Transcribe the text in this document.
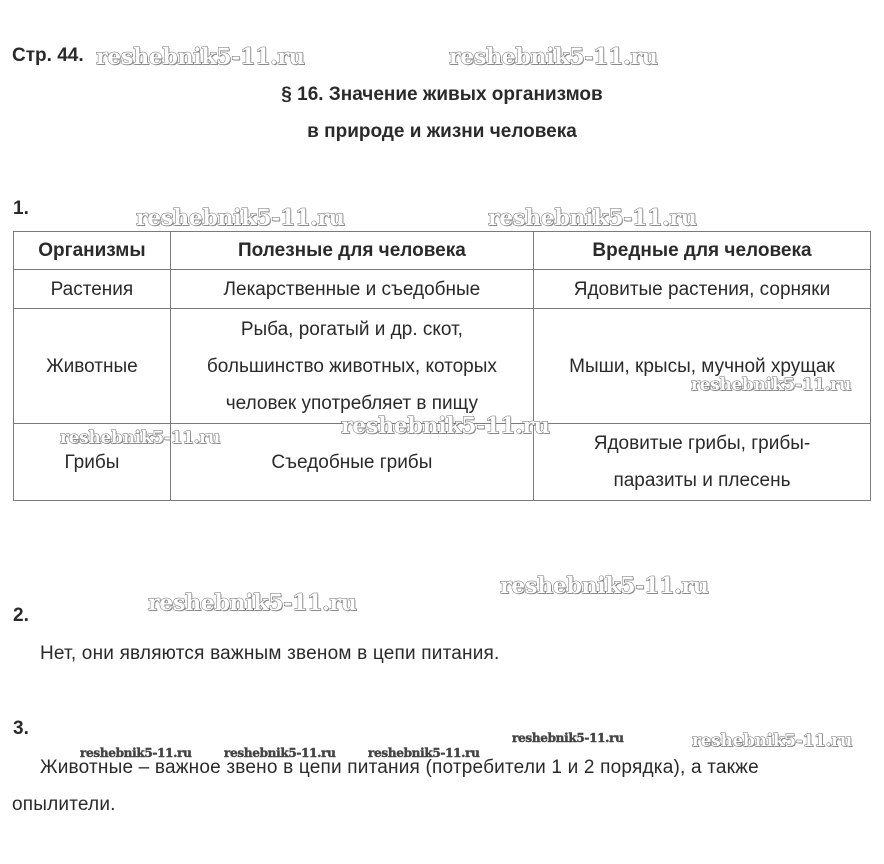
Стр. 44.
§ 16. Значение живых организмов
в природе и жизни человека
1.
Организмы	Полезные для человека	Вредные для человека
Растения	Лекарственные и съедобные	Ядовитые растения, сорняки
Животные	Рыба, рогатый и др. скот,
большинство животных, которых
человек употребляет в пищу	Мыши, крысы, мучной хрущак
Грибы	Съедобные грибы	Ядовитые грибы, грибы-
паразиты и плесень
2.
Нет, они являются важным звеном в цепи питания.
3.
Животные – важное звено в цепи питания (потребители 1 и 2 порядка), а также
опылители.
reshebnik5-11.ru	reshebnik5-11.ru
reshebnik5-11.ru	reshebnik5-11.ru
reshebnik5-11.ru
reshebnik5-11.ru
reshebnik5-11.ru
reshebnik5-11.ru
reshebnik5-11.ru
reshebnik5-11.ru	reshebnik5-11.ru
reshebnik5-11.ru	reshebnik5-11.ru	reshebnik5-11.ru
